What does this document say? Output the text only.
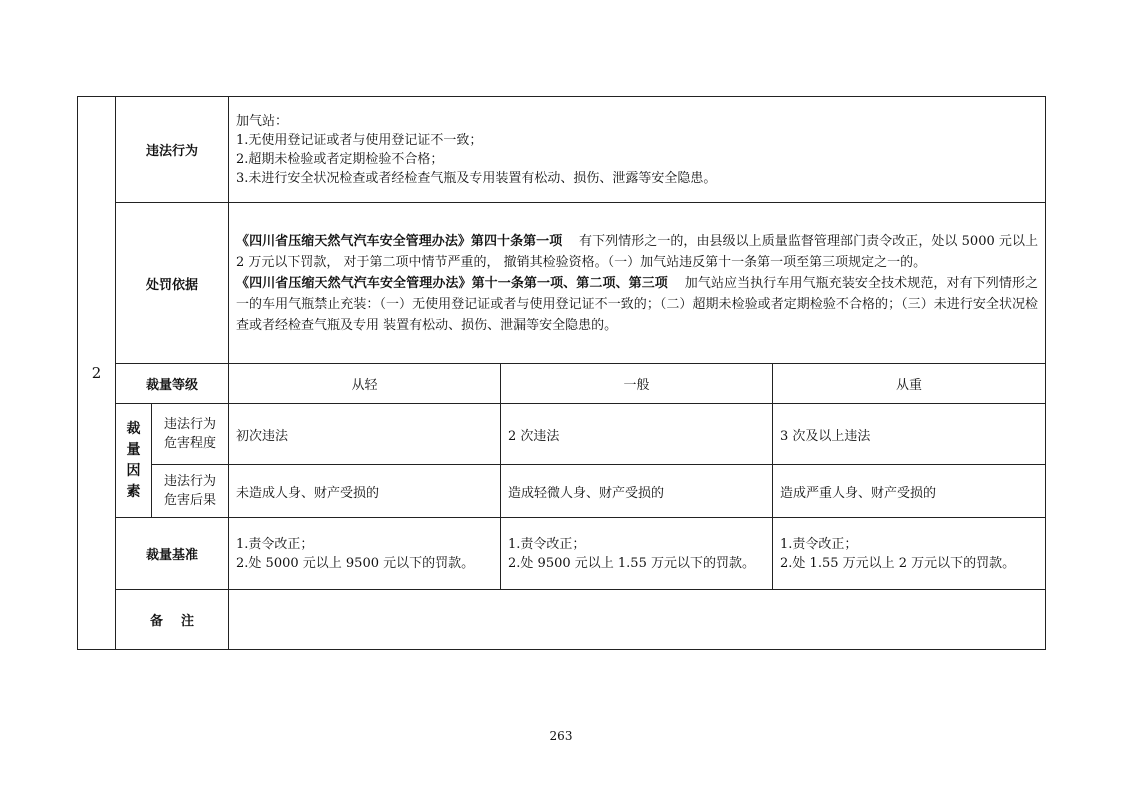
2	违法行为		加气站：
1.无使用登记证或者与使用登记证不一致；
2.超期未检验或者定期检验不合格；
3.未进行安全状况检查或者经检查气瓶及专用装置有松动、损伤、泄露等安全隐患。		

	处罚依据		《四川省压缩天然气汽车安全管理办法》第四十条第一项 有下列情形之一的，由县级以上质量监督管理部门责令改正，处以 5000 元以上 2 万元以下罚款， 对于第二项中情节严重的， 撤销其检验资格。（一）加气站违反第十一条第一项至第三项规定之一的。
《四川省压缩天然气汽车安全管理办法》第十一条第一项、第二项、第三项 加气站应当执行车用气瓶充装安全技术规范，对有下列情形之一的车用气瓶禁止充装：（一）无使用登记证或者与使用登记证不一致的；（二）超期未检验或者定期检验不合格的；（三）未进行安全状况检查或者经检查气瓶及专用 装置有松动、损伤、泄漏等安全隐患的。		
	裁量等级		从轻	一般	从重

	裁
量
因
素	违法行为
危害程度	初次违法	2 次违法	3 次及以上违法

		违法行为
危害后果	未造成人身、财产受损的	造成轻微人身、财产受损的	造成严重人身、财产受损的
	裁量基准		1.责令改正；
2.处 5000 元以上 9500 元以下的罚款。	1.责令改正；
2.处 9500 元以上 1.55 万元以下的罚款。	1.责令改正；
2.处 1.55 万元以上 2 万元以下的罚款。

	备注				
263
